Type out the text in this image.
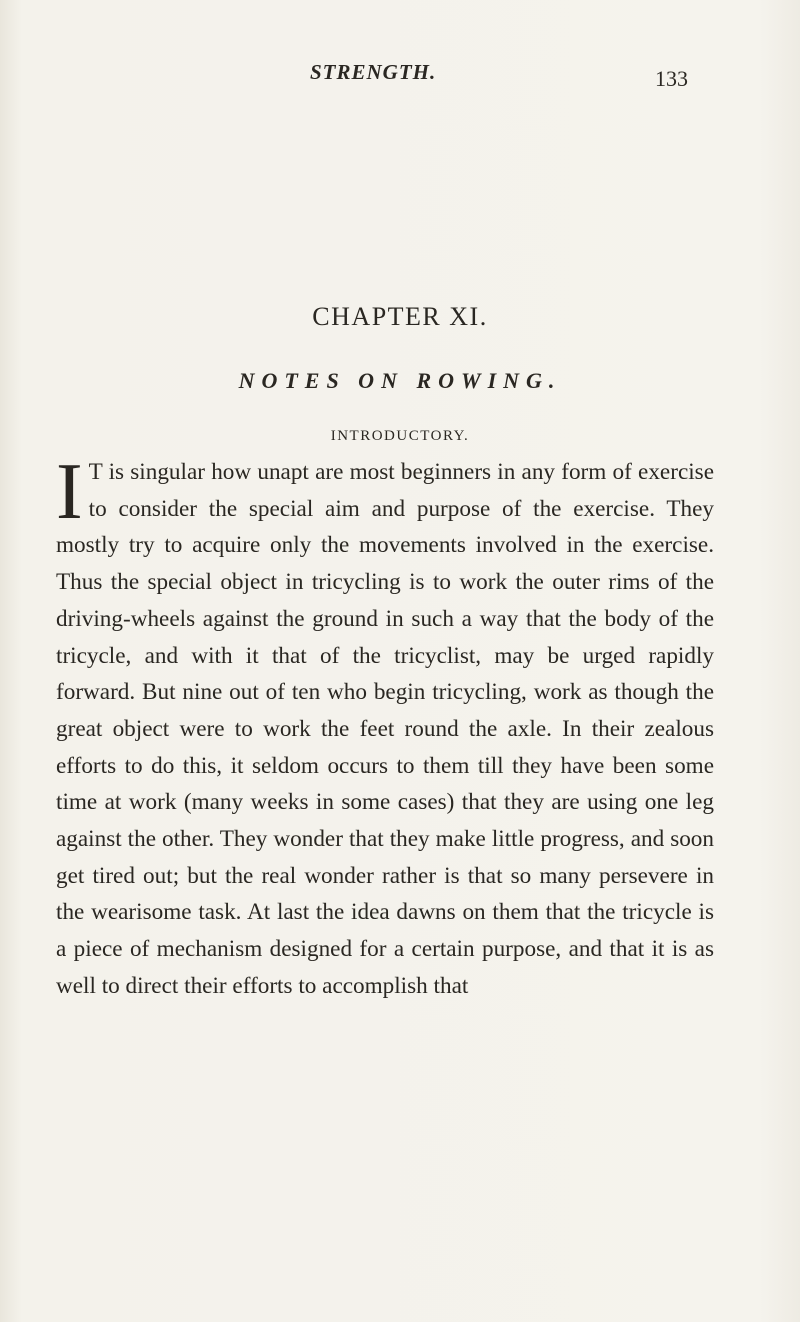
STRENGTH.	133
CHAPTER XI.
NOTES ON ROWING.
INTRODUCTORY.

I T is singular how unapt are most beginners in any form of exercise to consider the special aim and purpose of the exercise. They mostly try to acquire only the movements involved in the exercise. Thus the special object in tricycling is to work the outer rims of the driving-wheels against the ground in such a way that the body of the tricycle, and with it that of the tricyclist, may be urged rapidly forward. But nine out of ten who begin tricycling, work as though the great object were to work the feet round the axle. In their zealous efforts to do this, it seldom occurs to them till they have been some time at work (many weeks in some cases) that they are using one leg against the other. They wonder that they make little progress, and soon get tired out; but the real wonder rather is that so many persevere in the wearisome task. At last the idea dawns on them that the tricycle is a piece of mechanism designed for a certain purpose, and that it is as well to direct their efforts to accomplish that
